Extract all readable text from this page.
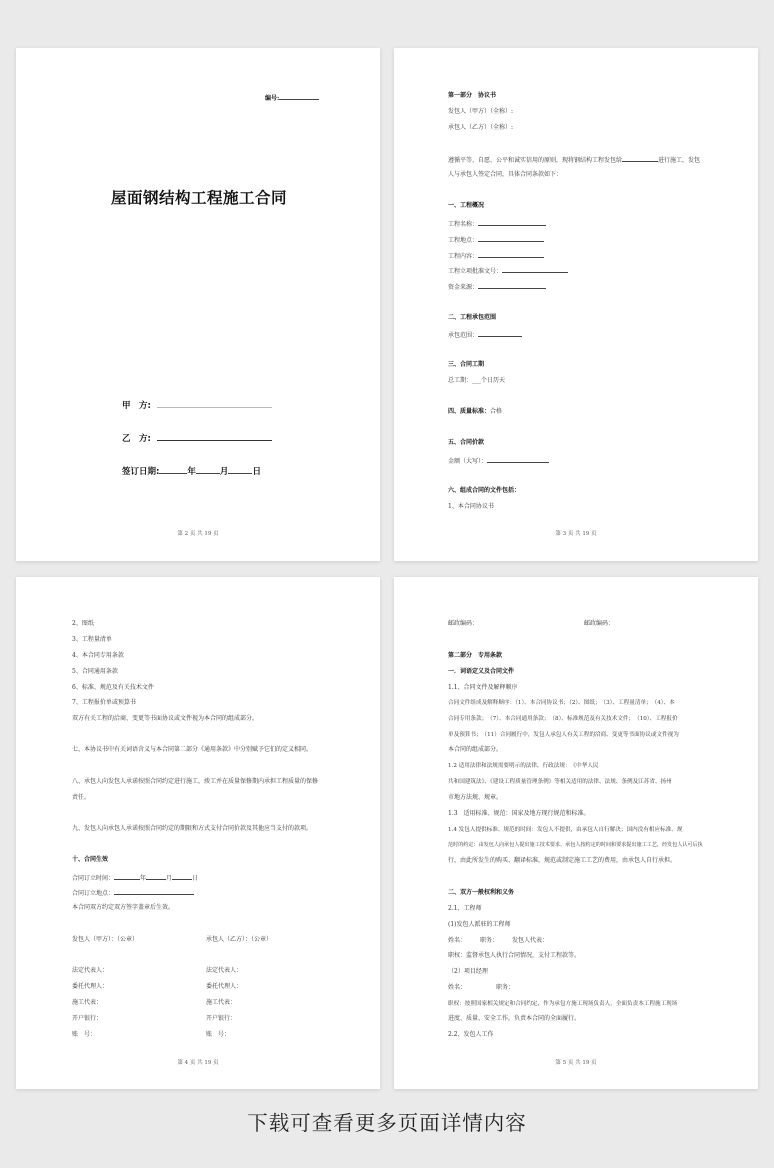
编号:
屋面钢结构工程施工合同
甲　方:
乙　方:
签订日期:	年	月	日
第 2 页 共 19 页
第一部分　协议书
发包人（甲方）（全称）:
承包人（乙方）（全称）:
遵循平等、自愿、公平和诚实信用的原则，现将钢结构工程发包给	进行施工，发包
人与承包人签定合同，具体合同条款如下：
一、工程概况
工程名称：
工程地点：
工程内容：
工程立项批准文号：
资金来源：
二、工程承包范围
承包范围：
三、合同工期
总工期：___个日历天
四、质量标准：合格
五、合同价款
金额（大写）：
六、组成合同的文件包括：
1、本合同协议书
第 3 页 共 19 页
2、图纸
3、工程量清单
4、本合同专用条款
5、合同通用条款
6、标准、规范及有关技术文件
7、工程报价单或预算书
双方有关工程的洽商、变更等书面协议或文件视为本合同的组成部分。
七、本协议书中有关词语含义与本合同第二部分《通用条款》中分别赋予它们的定义相同。
八、承包人向发包人承诺按照合同约定进行施工，竣工并在质量保修期内承担工程质量的保修
责任。
九、发包人向承包人承诺按照合同约定的期限和方式支付合同价款及其他应当支付的款项。
十、合同生效
合同订立时间：	年	月	日
合同订立地点：
本合同双方约定双方签字盖章后生效。
发包人（甲方）：（公章）	承包人（乙方）：（公章）
法定代表人：	法定代表人：
委托代理人：	委托代理人：
施工代表：	施工代表：
开户银行：	开户银行：
账　号：	账　号：
第 4 页 共 19 页
邮政编码：	邮政编码：
第二部分　专用条款
一．词语定义及合同文件
1.1、合同文件及解释顺序
合同文件组成及解释顺序：（1）、本合同协议书；（2）、图纸；　（3）、工程量清单；　（4）、本
合同专用条款；　（7）、本合同通用条款；　（8）、标准规范及有关技术文件；　（10）、工程报价
单及预算书；　（11）合同履行中，发包人承包人有关工程的洽商、变更等书面协议或文件视为
本合同的组成部分。
1.2 适用法律和法规需要明示的法律，行政法规：　《中华人民
共和国建筑法》、《建设工程质量管理条例》等相关适用的法律、法规、条例及江苏省、扬州
市地方法规、规章。
1.3　适用标准、规范：国家及地方现行规范和标准。
1.4 发包人提供标准、规范的时间：发包人不提供，由承包人自行解决；国内没有相应标准、规
范时的约定：由发包人向承包人提出施工技术要求，承包人按约定的时间和要求提出施工工艺，经发包人认可后执
行，由此所发生的购买、翻译标准，规范或制定施工工艺的费用，由承包人自行承担。
二、双方一般权利和义务
2.1、工程师
(1)发包人派驻的工程师
姓名： 职务： 发包人代表：
职权：监督承包人执行合同情况，支付工程款等。
（2）项目经理
姓名：	职务：
职权：按照国家相关规定和合同约定，作为承包方施工现场负责人，全面负责本工程施工现场
进度、质量、安全工作，负责本合同的全面履行。
2.2、发包人工作
第 5 页 共 19 页
下载可查看更多页面详情内容
